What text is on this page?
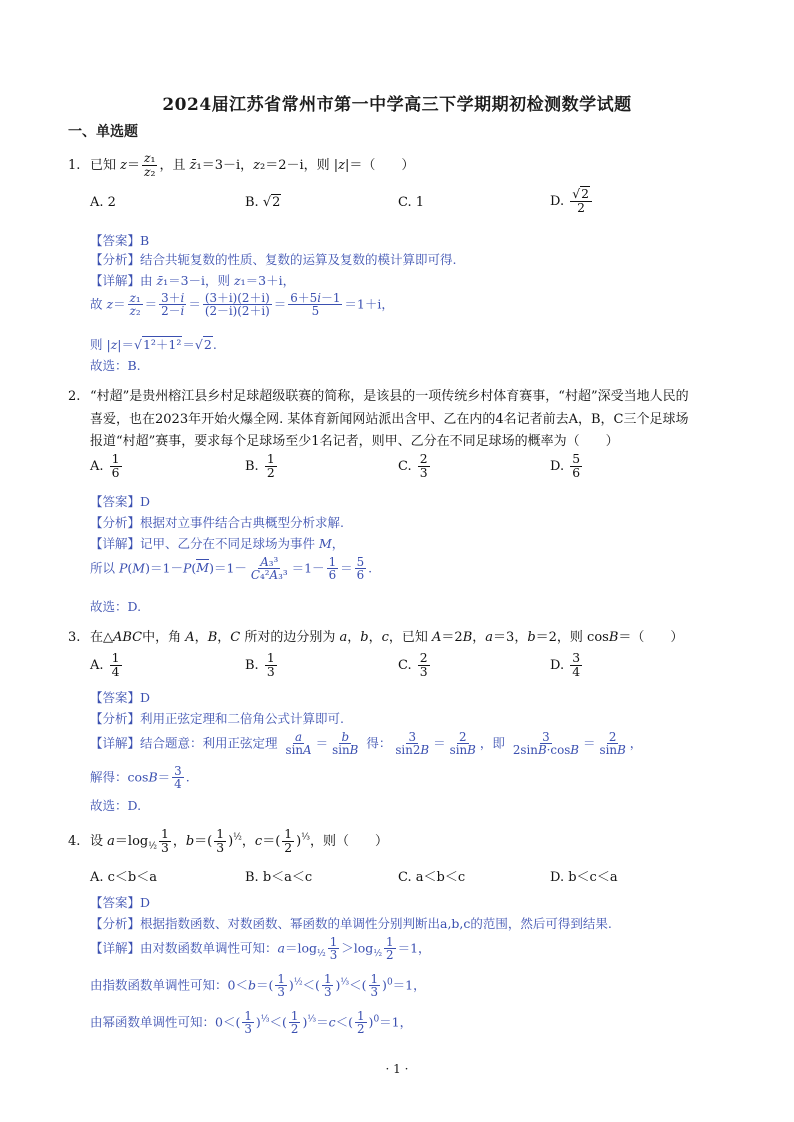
2024届江苏省常州市第一中学高三下学期期初检测数学试题
一、单选题
1. 已知 $z= \frac{\text{z₁}}{\text{z₂}}$ ，且 z̄₁＝3－i，z₂＝2－i，则 |z|＝（　　）
A. 2	B. √2	C. 1	D. $\frac{√2}{2}$
【答案】B
【分析】结合共轭复数的性质、复数的运算及复数的模计算即可得.
【详解】由 z̄₁＝3－i，则 z₁＝3＋i，
故 $z= \frac{\text{z₁}}{\text{z₂}} = \frac{3+i}{2-i} = \frac{(3+i)(2+i)}{(2-i)(2+i)} = \frac{6+5i-1}{5} =1+i$，
则 |z|＝√1²＋1²＝√2.
故选：B.
2. “村超”是贵州榕江县乡村足球超级联赛的简称，是该县的一项传统乡村体育赛事，“村超”深受当地人民的
喜爱，也在2023年开始火爆全网. 某体育新闻网站派出含甲、乙在内的4名记者前去A，B，C三个足球场
报道“村超”赛事，要求每个足球场至少1名记者，则甲、乙分在不同足球场的概率为（　　）
A. $\frac{1}{6}$	B. $\frac{1}{2}$	C. $\frac{2}{3}$	D. $\frac{5}{6}$
【答案】D
【分析】根据对立事件结合古典概型分析求解.
【详解】记甲、乙分在不同足球场为事件 M，
所以 $P(M)=1-P(M)=1- \frac{\text{A₃³}}{\text{C₄²A₃³}} =1- \frac{1}{6} = \frac{5}{6}$ .
故选：D.
3. 在△ABC中，角 A，B，C 所对的边分别为 a，b，c，已知 A＝2B，a＝3，b＝2，则 cosB＝（　　）
A. $\frac{1}{4}$	B. $\frac{1}{3}$	C. $\frac{2}{3}$	D. $\frac{3}{4}$
【答案】D
【分析】利用正弦定理和二倍角公式计算即可.
【详解】结合题意：利用正弦定理 $\frac{a}{\sin A} = \frac{b}{\sin B}$ 得： $\frac{3}{\sin 2B} = \frac{2}{\sin B}$ ，即 $\frac{3}{2\sin B\cdot\cos B} = \frac{2}{\sin B}$ ，
解得：$\cos B= \frac{3}{4}$ .
故选：D.
4. 设 $a=\log_{\frac{1}{2}} \frac{1}{3}$ ，$b=( \frac{1}{3} )^{\frac{1}{2}}$，$c=( \frac{1}{2} )^{\frac{1}{3}}$，则（　　）
A. c＜b＜a	B. b＜a＜c	C. a＜b＜c	D. b＜c＜a
【答案】D
【分析】根据指数函数、对数函数、幂函数的单调性分别判断出a,b,c的范围，然后可得到结果.
【详解】由对数函数单调性可知：$a=\log_{\frac{1}{2}} \frac{1}{3} >\log_{\frac{1}{2}} \frac{1}{2} =1$，
由指数函数单调性可知：$0<b=( \frac{1}{3} )^{\frac{1}{2}}<( \frac{1}{3} )^{\frac{1}{3}}<( \frac{1}{3} )^0=1$，
由幂函数单调性可知：$0<( \frac{1}{3} )^{\frac{1}{3}}<( \frac{1}{2} )^{\frac{1}{3}}=c<( \frac{1}{2} )^0=1$，
· 1 ·
